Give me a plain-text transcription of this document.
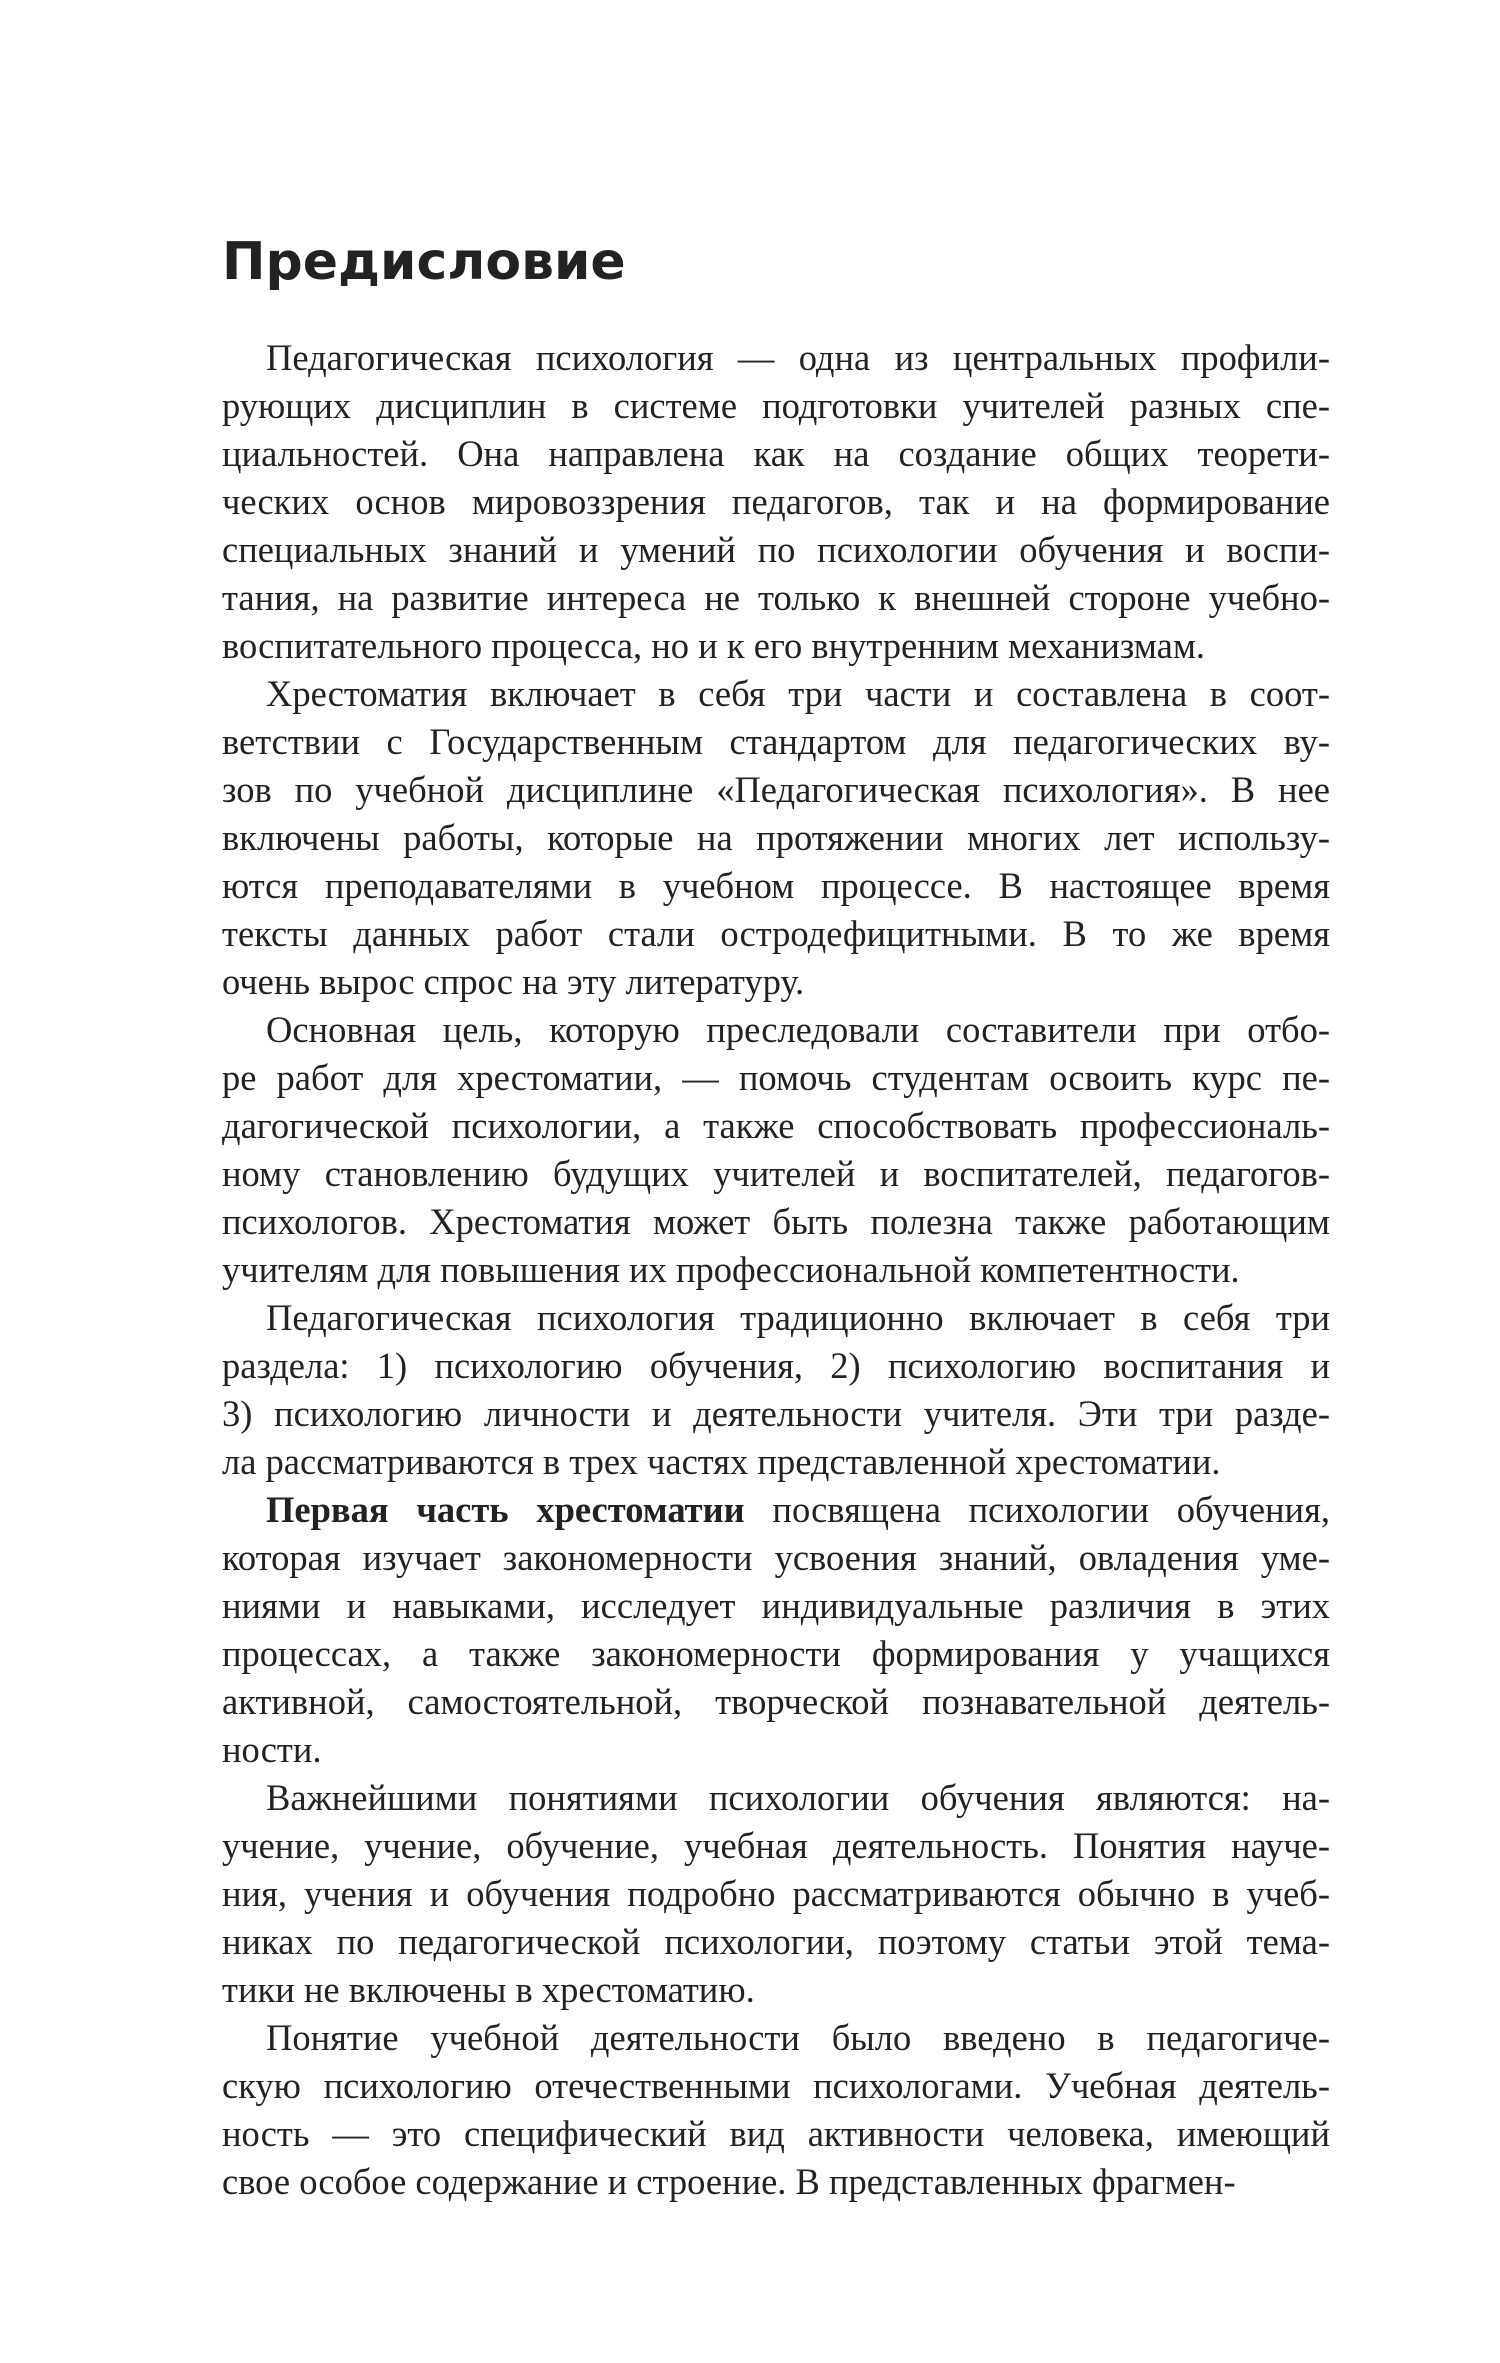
Предисловие
Педагогическая психология — одна из центральных профили-
рующих дисциплин в системе подготовки учителей разных спе-
циальностей. Она направлена как на создание общих теорети-
ческих основ мировоззрения педагогов, так и на формирование
специальных знаний и умений по психологии обучения и воспи-
тания, на развитие интереса не только к внешней стороне учебно-
воспитательного процесса, но и к его внутренним механизмам.
Хрестоматия включает в себя три части и составлена в соот-
ветствии с Государственным стандартом для педагогических ву-
зов по учебной дисциплине «Педагогическая психология». В нее
включены работы, которые на протяжении многих лет использу-
ются преподавателями в учебном процессе. В настоящее время
тексты данных работ стали остродефицитными. В то же время
очень вырос спрос на эту литературу.
Основная цель, которую преследовали составители при отбо-
ре работ для хрестоматии, — помочь студентам освоить курс пе-
дагогической психологии, а также способствовать профессиональ-
ному становлению будущих учителей и воспитателей, педагогов-
психологов. Хрестоматия может быть полезна также работающим
учителям для повышения их профессиональной компетентности.
Педагогическая психология традиционно включает в себя три
раздела: 1) психологию обучения, 2) психологию воспитания и
3) психологию личности и деятельности учителя. Эти три разде-
ла рассматриваются в трех частях представленной хрестоматии.
Первая часть хрестоматии посвящена психологии обучения,
которая изучает закономерности усвоения знаний, овладения уме-
ниями и навыками, исследует индивидуальные различия в этих
процессах, а также закономерности формирования у учащихся
активной, самостоятельной, творческой познавательной деятель-
ности.
Важнейшими понятиями психологии обучения являются: на-
учение, учение, обучение, учебная деятельность. Понятия науче-
ния, учения и обучения подробно рассматриваются обычно в учеб-
никах по педагогической психологии, поэтому статьи этой тема-
тики не включены в хрестоматию.
Понятие учебной деятельности было введено в педагогиче-
скую психологию отечественными психологами. Учебная деятель-
ность — это специфический вид активности человека, имеющий
свое особое содержание и строение. В представленных фрагмен-
